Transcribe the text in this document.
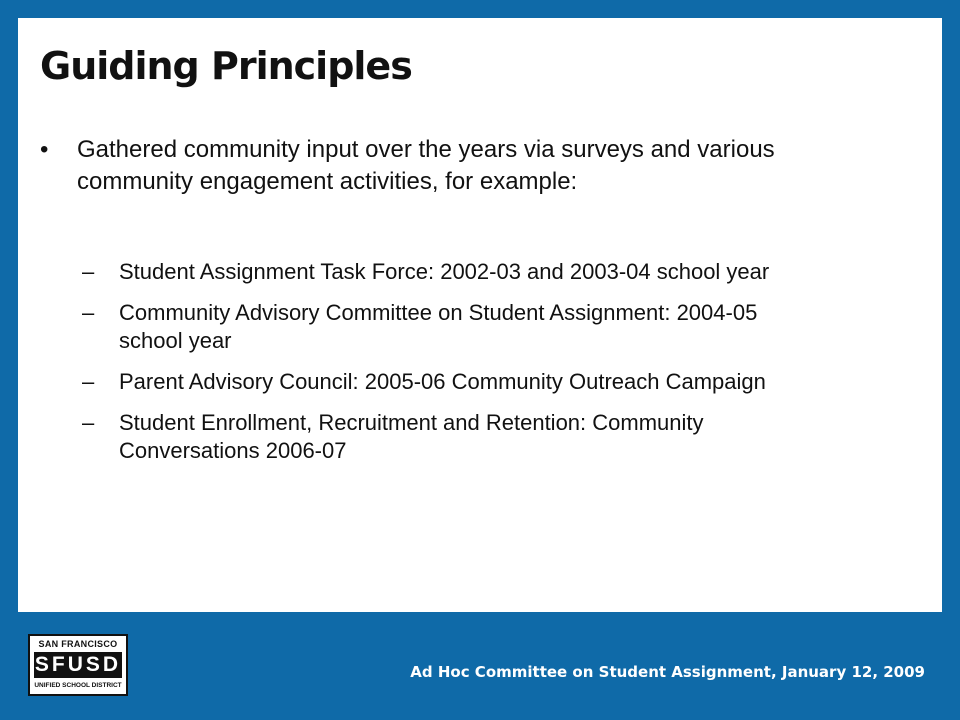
Guiding Principles
• Gathered community input over the years via surveys and various community engagement activities, for example:
– Student Assignment Task Force: 2002-03 and 2003-04 school year
– Community Advisory Committee on Student Assignment: 2004-05 school year
– Parent Advisory Council: 2005-06 Community Outreach Campaign
– Student Enrollment, Recruitment and Retention: Community Conversations 2006-07
SAN FRANCISCO
SFUSD
UNIFIED SCHOOL DISTRICT
Ad Hoc Committee on Student Assignment, January 12, 2009
